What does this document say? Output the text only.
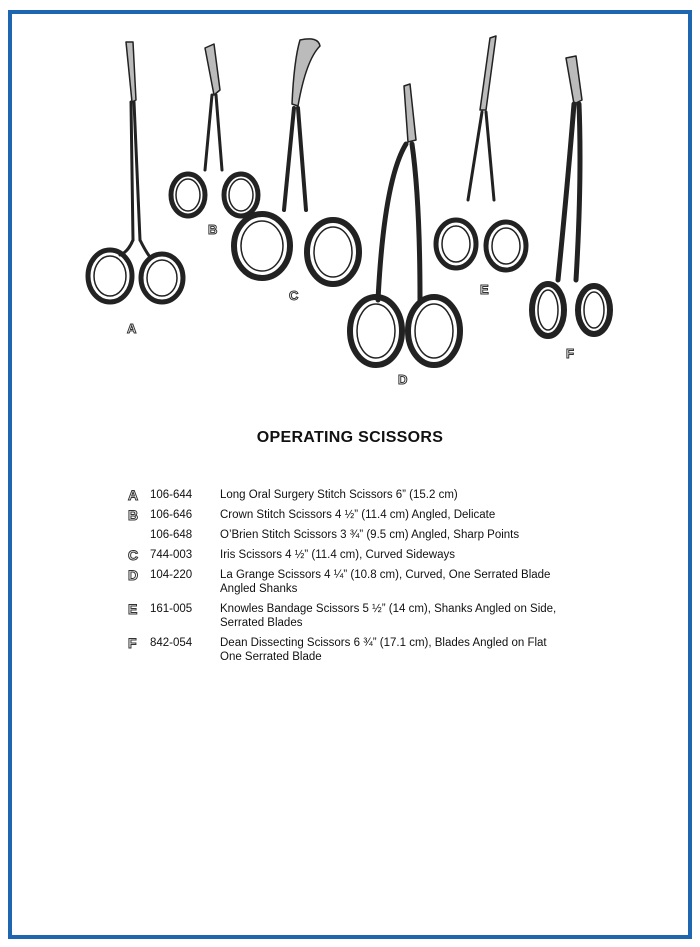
A
B
C
D
E
F
OPERATING SCISSORS
A	106-644	Long Oral Surgery Stitch Scissors 6” (15.2 cm)
B	106-646	Crown Stitch Scissors 4 ½” (11.4 cm) Angled, Delicate
106-648	O’Brien Stitch Scissors 3 ¾” (9.5 cm) Angled, Sharp Points
C	744-003	Iris Scissors 4 ½” (11.4 cm), Curved Sideways
D	104-220	La Grange Scissors 4 ¼” (10.8 cm), Curved, One Serrated Blade
Angled Shanks
E	161-005	Knowles Bandage Scissors 5 ½” (14 cm), Shanks Angled on Side,
Serrated Blades
F	842-054	Dean Dissecting Scissors 6 ¾” (17.1 cm), Blades Angled on Flat
One Serrated Blade
